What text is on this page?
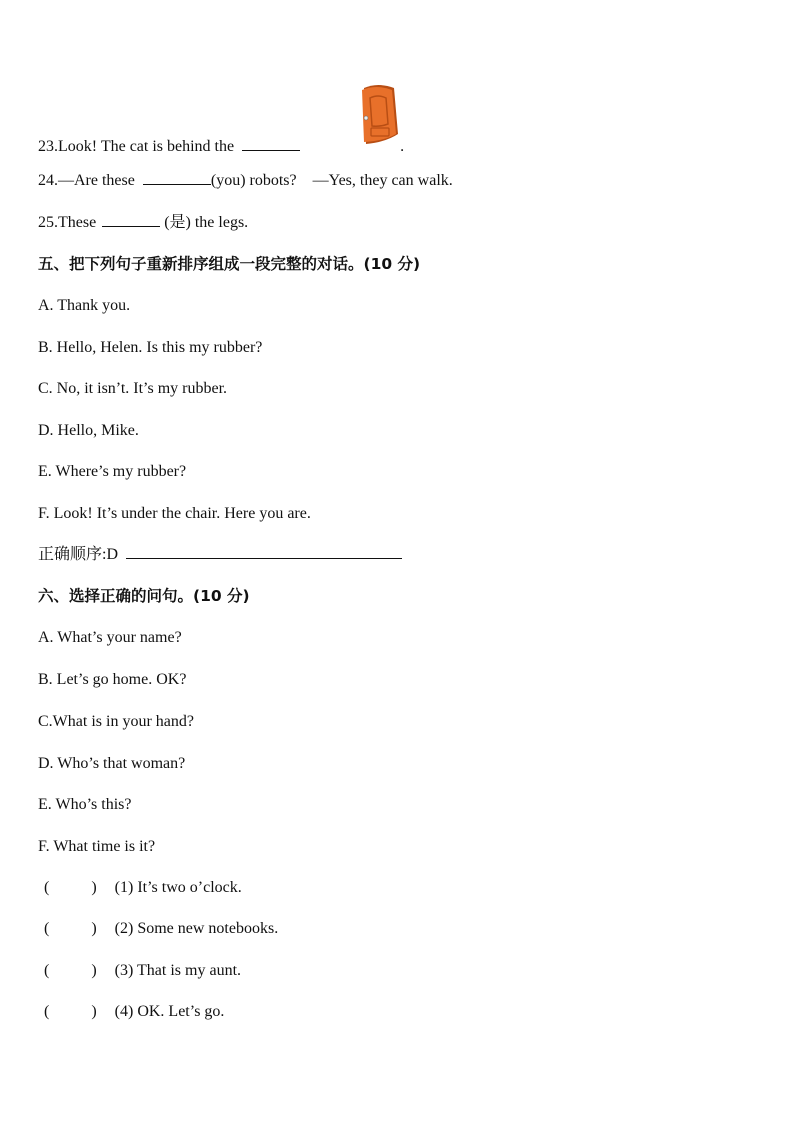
23.Look! The cat is behind the	.
24.—Are these	(you) robots? —Yes, they can walk.
25.These	(是) the legs.
五、把下列句子重新排序组成一段完整的对话。(10 分)
A. Thank you.
B. Hello, Helen. Is this my rubber?
C. No, it isn’t. It’s my rubber.
D. Hello, Mike.
E. Where’s my rubber?
F. Look! It’s under the chair. Here you are.
正确顺序:D
六、选择正确的问句。(10 分)
A. What’s your name?
B. Let’s go home. OK?
C.What is in your hand?
D. Who’s that woman?
E. Who’s this?
F. What time is it?
(	) (1) It’s two o’clock.
(	) (2) Some new notebooks.
(	) (3) That is my aunt.
(	) (4) OK. Let’s go.
